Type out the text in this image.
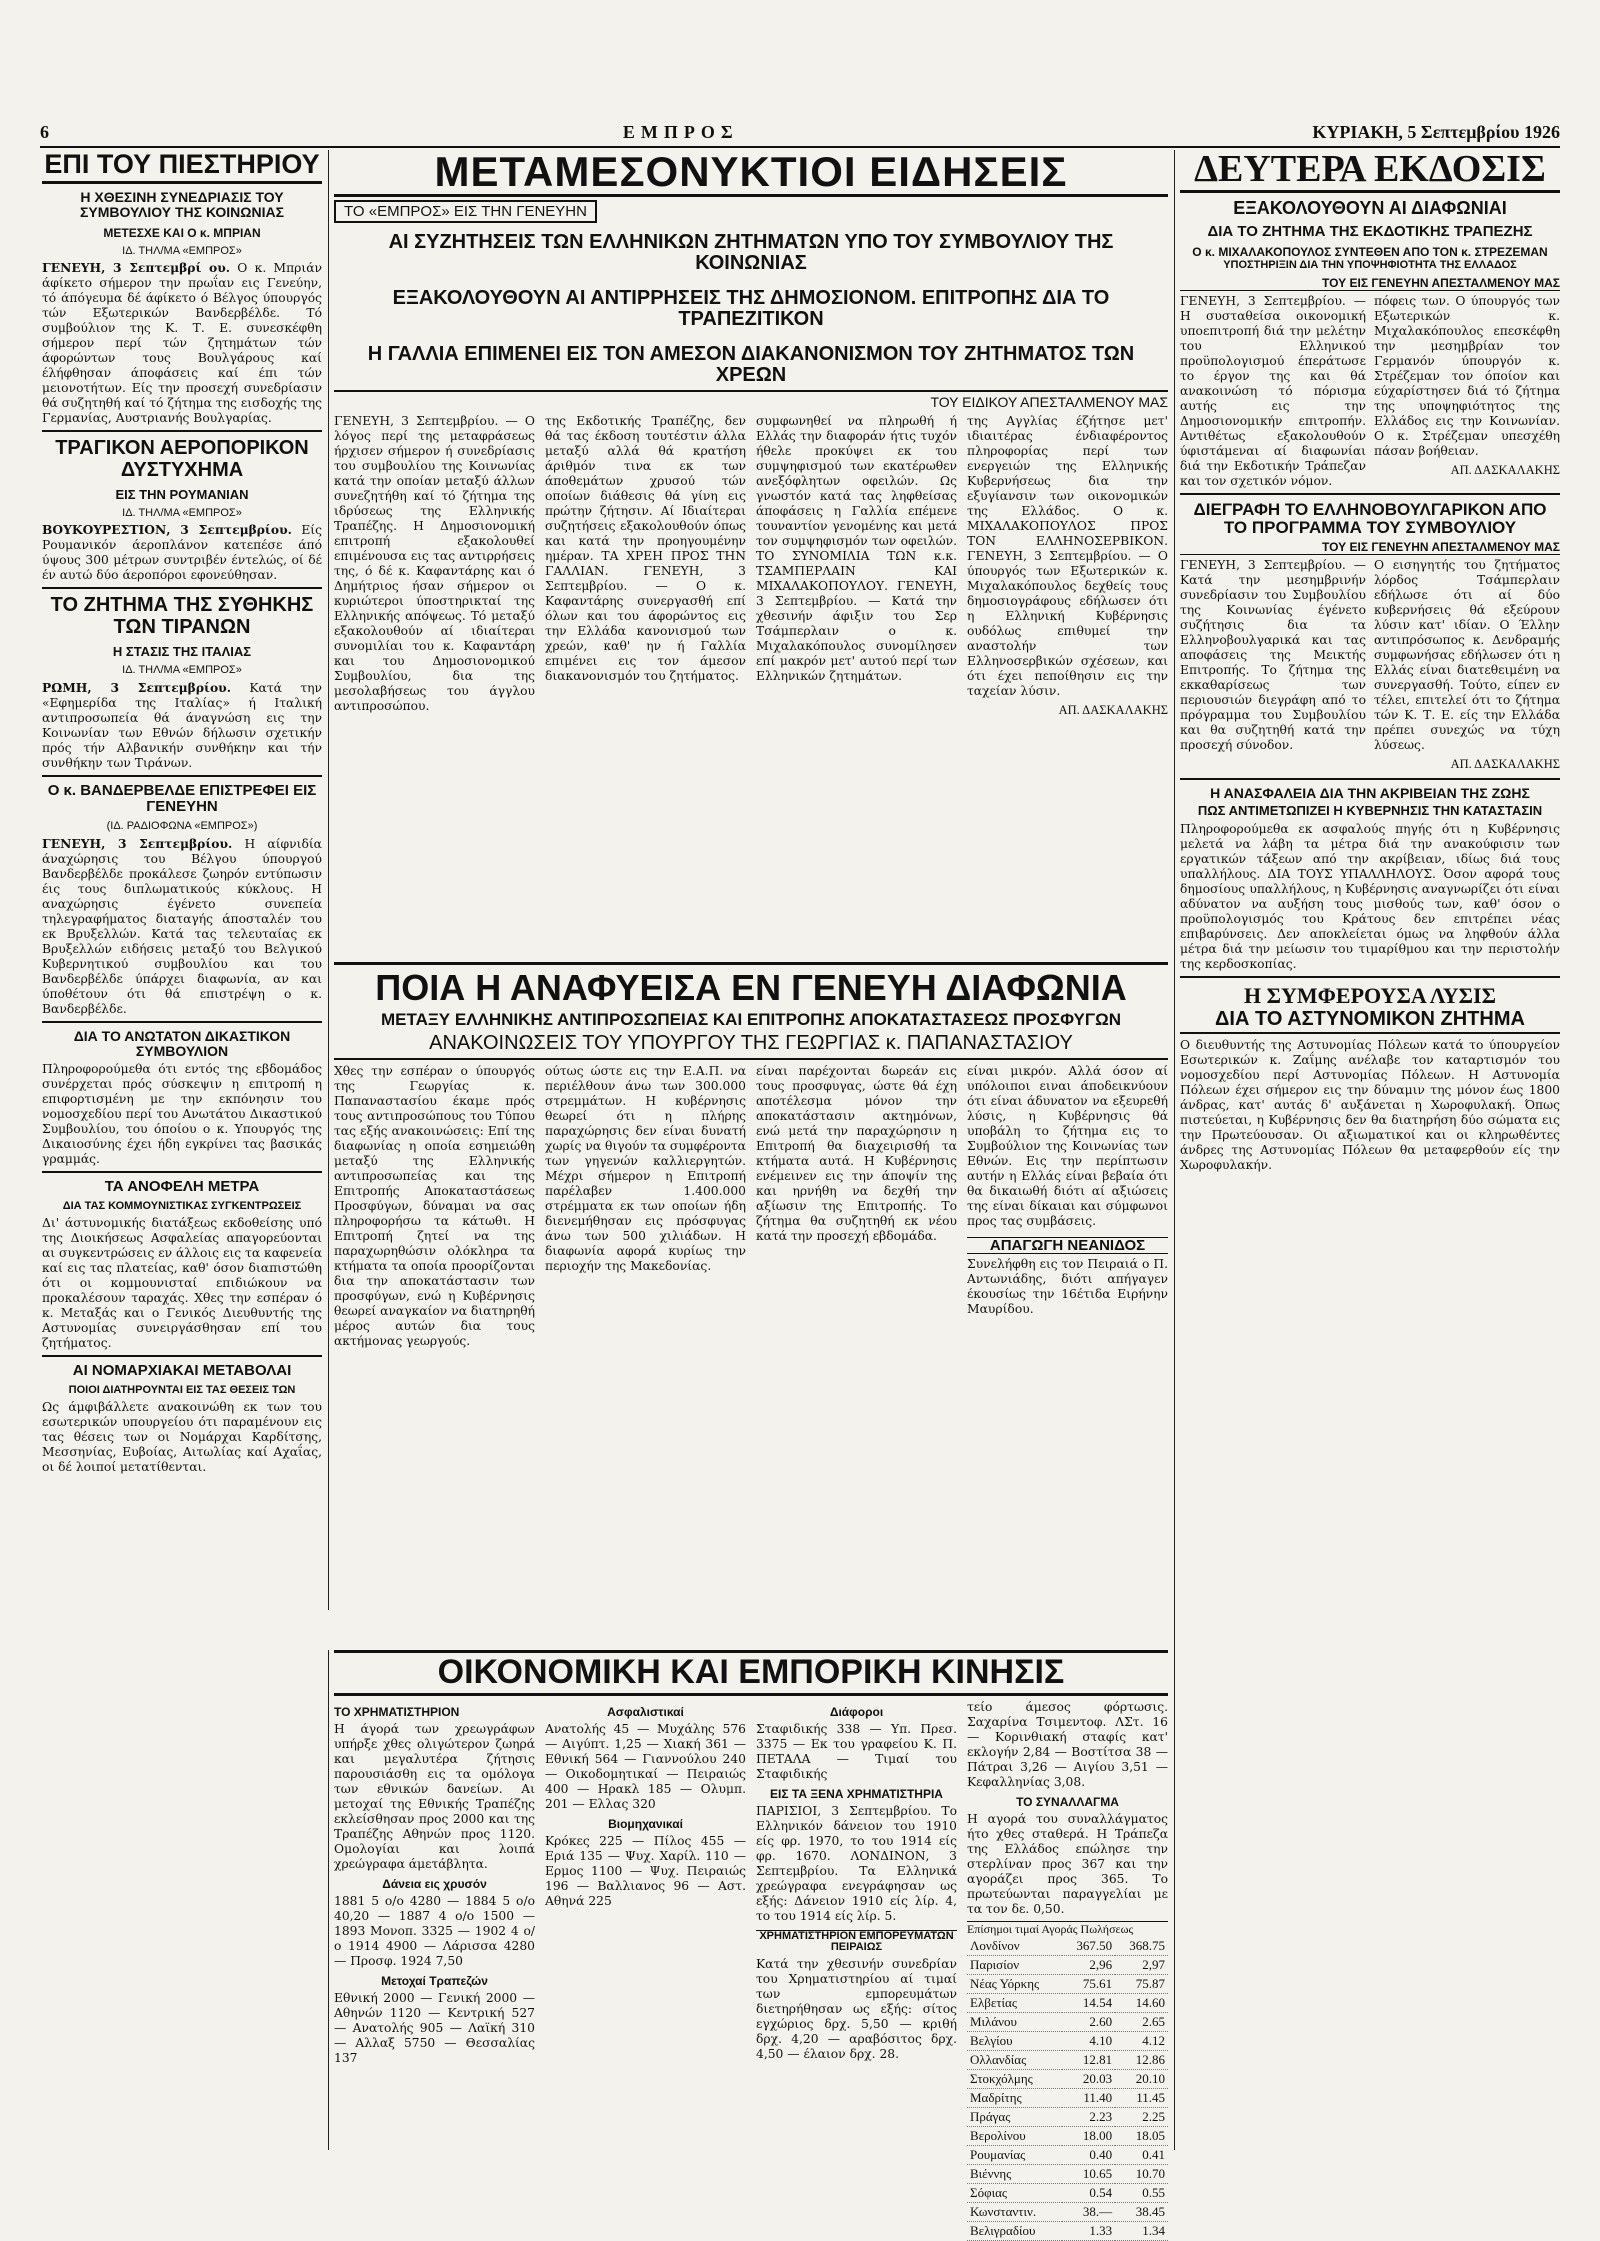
6	ΕΜΠΡΟΣ	ΚΥΡΙΑΚΗ, 5 Σεπτεμβρίου 1926
ΕΠΙ ΤΟΥ ΠΙΕΣΤΗΡΙΟΥ
Η ΧΘΕΣΙΝΗ ΣΥΝΕΔΡΙΑΣΙΣ ΤΟΥ ΣΥΜΒΟΥΛΙΟΥ ΤΗΣ ΚΟΙΝΩΝΙΑΣ
ΜΕΤΕΣΧΕ ΚΑΙ Ο κ. ΜΠΡΙΑΝ
ΙΔ. ΤΗΛ/ΜΑ «ΕΜΠΡΟΣ»

ΓΕΝΕΥΗ, 3 Σεπτεμβρί ου. Ο κ. Μπριάν άφίκετο σήμερον την πρωΐαν εις Γενεύην, τό άπόγευμα δέ άφίκετο ό Βέλγος ύπουργός τών Εξωτερικών Βανδερβέλδε. Τό συμβούλιον της Κ. Τ. Ε. συνεσκέφθη σήμερον περί τών ζητημάτων τών άφορώντων τους Βουλγάρους καί έλήφθησαν άποφάσεις καί έπι τών μειονοτήτων. Είς την προσεχή συνεδρίασιν θά συζητηθή καί τό ζήτημα της εισδοχής της Γερμανίας, Αυστριανής Βουλγαρίας.

ΤΡΑΓΙΚΟΝ ΑΕΡΟΠΟΡΙΚΟΝ ΔΥΣΤΥΧΗΜΑ
ΕΙΣ ΤΗΝ ΡΟΥΜΑΝΙΑΝ
ΙΔ. ΤΗΛ/ΜΑ «ΕΜΠΡΟΣ»

ΒΟΥΚΟΥΡΕΣΤΙΟΝ, 3 Σεπτεμβρίου. Είς Ρουμανικόν άεροπλάνον κατεπέσε άπό ύψους 300 μέτρων συντριβέν έντελώς, οί δέ έν αυτώ δύο άεροπόροι εφονεύθησαν.

ΤΟ ΖΗΤΗΜΑ ΤΗΣ ΣΥΘΗΚΗΣ ΤΩΝ ΤΙΡΑΝΩΝ
Η ΣΤΑΣΙΣ ΤΗΣ ΙΤΑΛΙΑΣ
ΙΔ. ΤΗΛ/ΜΑ «ΕΜΠΡΟΣ»

ΡΩΜΗ, 3 Σεπτεμβρίου. Κατά την «Εφημερίδα της Ιταλίας» ή Ιταλική αντιπροσωπεία θά άναγνώση εις την Κοινωνίαν των Εθνών δήλωσιν σχετικήν πρός τήν Αλβανικήν συνθήκην και τήν συνθήκην των Τιράνων.

Ο κ. ΒΑΝΔΕΡΒΕΛΔΕ ΕΠΙΣΤΡΕΦΕΙ ΕΙΣ ΓΕΝΕΥΗΝ
(ΙΔ. ΡΑΔΙΟΦΩΝΑ «ΕΜΠΡΟΣ»)

ΓΕΝΕΥΗ, 3 Σεπτεμβρίου. Η αίφνιδία άναχώρησις του Βέλγου ύπουργού Βανδερβέλδε προκάλεσε ζωηρόν εντύπωσιν έις τους διπλωματικούς κύκλους. Η αναχώρησις έγένετο συνεπεία τηλεγραφήματος διαταγής άποσταλέν του εκ Βρυξελλών. Κατά τας τελευταίας εκ Βρυξελλών ειδήσεις μεταξύ του Βελγικού Κυβερνητικού συμβουλίου και του Βανδερβέλδε ύπάρχει διαφωνία, αν και ύποθέτουν ότι θά επιστρέψη ο κ. Βανδερβέλδε.

ΔΙΑ ΤΟ ΑΝΩΤΑΤΟΝ ΔΙΚΑΣΤΙΚΟΝ ΣΥΜΒΟΥΛΙΟΝ

Πληροφορούμεθα ότι εντός της εβδομάδος συνέρχεται πρός σύσκεψιν η επιτροπή η επιφορτισμένη με την εκπόνησιν του νομοσχεδίου περί του Ανωτάτου Δικαστικού Συμβουλίου, του όποίου ο κ. Υπουργός της Δικαιοσύνης έχει ήδη εγκρίνει τας βασικάς γραμμάς.

ΤΑ ΑΝΟΦΕΛΗ ΜΕΤΡΑ
ΔΙΑ ΤΑΣ ΚΟΜΜΟΥΝΙΣΤΙΚΑΣ ΣΥΓΚΕΝΤΡΩΣΕΙΣ

Δι' άστυνομικής διατάξεως εκδοθείσης υπό της Διοικήσεως Ασφαλείας απαγορεύονται αι συγκεντρώσεις εν άλλοις εις τα καφενεία καί εις τας πλατείας, καθ' όσον διαπιστώθη ότι οι κομμουνισταί επιδιώκουν να προκαλέσουν ταραχάς. Χθες την εσπέραν ό κ. Μεταξάς και ο Γενικός Διευθυντής της Αστυνομίας συνειργάσθησαν επί του ζητήματος.

ΑΙ ΝΟΜΑΡΧΙΑΚΑΙ ΜΕΤΑΒΟΛΑΙ
ΠΟΙΟΙ ΔΙΑΤΗΡΟΥΝΤΑΙ ΕΙΣ ΤΑΣ ΘΕΣΕΙΣ ΤΩΝ

Ως άμφιβάλλετε ανακοινώθη εκ των του εσωτερικών υπουργείου ότι παραμένουν εις τας θέσεις των οι Νομάρχαι Καρδίτσης, Μεσσηνίας, Ευβοίας, Αιτωλίας καί Αχαΐας, οι δέ λοιποί μετατίθενται.

ΜΕΤΑΜΕΣΟΝΥΚΤΙΟΙ ΕΙΔΗΣΕΙΣ
ΤΟ «ΕΜΠΡΟΣ» ΕΙΣ ΤΗΝ ΓΕΝΕΥΗΝ
ΑΙ ΣΥΖΗΤΗΣΕΙΣ ΤΩΝ ΕΛΛΗΝΙΚΩΝ ΖΗΤΗΜΑΤΩΝ ΥΠΟ ΤΟΥ ΣΥΜΒΟΥΛΙΟΥ ΤΗΣ ΚΟΙΝΩΝΙΑΣ
ΕΞΑΚΟΛΟΥΘΟΥΝ ΑΙ ΑΝΤΙΡΡΗΣΕΙΣ ΤΗΣ ΔΗΜΟΣΙΟΝΟΜ. ΕΠΙΤΡΟΠΗΣ ΔΙΑ ΤΟ ΤΡΑΠΕΖΙΤΙΚΟΝ
Η ΓΑΛΛΙΑ ΕΠΙΜΕΝΕΙ ΕΙΣ ΤΟΝ ΑΜΕΣΟΝ ΔΙΑΚΑΝΟΝΙΣΜΟΝ ΤΟΥ ΖΗΤΗΜΑΤΟΣ ΤΩΝ ΧΡΕΩΝ
ΤΟΥ ΕΙΔΙΚΟΥ ΑΠΕΣΤΑΛΜΕΝΟΥ ΜΑΣ

ΓΕΝΕΥΗ, 3 Σεπτεμβρίου. — Ο λόγος περί της μεταφράσεως ήρχισεν σήμερον ή συνεδρίασις του συμβουλίου της Κοινωνίας κατά την οποίαν μεταξύ άλλων συνεζητήθη καί τό ζήτημα της ιδρύσεως της Ελληνικής Τραπέζης. Η Δημοσιονομική επιτροπή εξακολουθεί επιμένουσα εις τας αντιρρήσεις της, ό δέ κ. Καφαντάρης και ό Δημήτριος ήσαν σήμερον οι κυριώτεροι ύποστηρικταί της Ελληνικής απόψεως. Τό μεταξύ εξακολουθούν αί ιδιαίτεραι συνομιλίαι του κ. Καφαντάρη και του Δημοσιονομικού Συμβουλίου, δια της μεσολαβήσεως του άγγλου αντιπροσώπου.

της Εκδοτικής Τραπέζης, δεν θά τας έκδοση τουτέστιν άλλα μεταξύ αλλά θά κρατήση άριθμόν τινα εκ των άποθεμάτων χρυσού τών οποίων διάθεσις θά γίνη εις πρώτην ζήτησιν. Αί Ιδιαίτεραι συζητήσεις εξακολουθούν όπως και κατά την προηγουμένην ημέραν. ΤΑ ΧΡΕΗ ΠΡΟΣ ΤΗΝ ΓΑΛΛΙΑΝ. ΓΕΝΕΥΗ, 3 Σεπτεμβρίου. — Ο κ. Καφαντάρης συνεργασθή επί όλων και του άφορώντος εις την Ελλάδα κανονισμού των χρεών, καθ' ην ή Γαλλία επιμένει εις τον άμεσον διακανονισμόν του ζητήματος.

συμφωνηθεί να πληρωθή ή Ελλάς την διαφοράν ήτις τυχόν ήθελε προκύψει εκ του συμψηφισμού των εκατέρωθεν ανεξόφλητων οφειλών. Ως γνωστόν κατά τας ληφθείσας άποφάσεις η Γαλλία επέμενε τουναντίον γενομένης και μετά τον συμψηφισμόν των οφειλών. ΤΟ ΣΥΝΟΜΙΛΙΑ ΤΩΝ κ.κ. ΤΣΑΜΠΕΡΛΑΙΝ ΚΑΙ ΜΙΧΑΛΑΚΟΠΟΥΛΟΥ. ΓΕΝΕΥΗ, 3 Σεπτεμβρίου. — Κατά την χθεσινήν άφιξιν του Σερ Τσάμπερλαιν ο κ. Μιχαλακόπουλος συνομίλησεν επί μακρόν μετ' αυτού περί των Ελληνικών ζητημάτων.

της Αγγλίας έζήτησε μετ' ιδιαιτέρας ένδιαφέροντος πληροφορίας περί των ενεργειών της Ελληνικής Κυβερνήσεως δια την εξυγίανσιν των οικονομικών της Ελλάδος. Ο κ. ΜΙΧΑΛΑΚΟΠΟΥΛΟΣ ΠΡΟΣ ΤΟΝ ΕΛΛΗΝΟΣΕΡΒΙΚΟΝ. ΓΕΝΕΥΗ, 3 Σεπτεμβρίου. — Ο ύπουργός των Εξωτερικών κ. Μιχαλακόπουλος δεχθείς τους δημοσιογράφους εδήλωσεν ότι η Ελληνική Κυβέρνησις ουδόλως επιθυμεί την αναστολήν των Ελληνοσερβικών σχέσεων, και ότι έχει πεποίθησιν εις την ταχείαν λύσιν.

ΑΠ. ΔΑΣΚΑΛΑΚΗΣ
ΠΟΙΑ Η ΑΝΑΦΥΕΙΣΑ ΕΝ ΓΕΝΕΥΗ ΔΙΑΦΩΝΙΑ
ΜΕΤΑΞΥ ΕΛΛΗΝΙΚΗΣ ΑΝΤΙΠΡΟΣΩΠΕΙΑΣ ΚΑΙ ΕΠΙΤΡΟΠΗΣ ΑΠΟΚΑΤΑΣΤΑΣΕΩΣ ΠΡΟΣΦΥΓΩΝ
ΑΝΑΚΟΙΝΩΣΕΙΣ ΤΟΥ ΥΠΟΥΡΓΟΥ ΤΗΣ ΓΕΩΡΓΙΑΣ κ. ΠΑΠΑΝΑΣΤΑΣΙΟΥ

Χθες την εσπέραν ο ύπουργός της Γεωργίας κ. Παπαναστασίου έκαμε πρός τους αντιπροσώπους του Τύπου τας εξής ανακοινώσεις: Επί της διαφωνίας η οποία εσημειώθη μεταξύ της Ελληνικής αντιπροσωπείας και της Επιτροπής Αποκαταστάσεως Προσφύγων, δύναμαι να σας πληροφορήσω τα κάτωθι. Η Επιτροπή ζητεί να της παραχωρηθώσιν ολόκληρα τα κτήματα τα οποία προορίζονται δια την αποκατάστασιν των προσφύγων, ενώ η Κυβέρνησις θεωρεί αναγκαίον να διατηρηθή μέρος αυτών δια τους ακτήμονας γεωργούς.

ούτως ώστε εις την Ε.Α.Π. να περιέλθουν άνω των 300.000 στρεμμάτων. Η κυβέρνησις θεωρεί ότι η πλήρης παραχώρησις δεν είναι δυνατή χωρίς να θιγούν τα συμφέροντα των γηγενών καλλιεργητών. Μέχρι σήμερον η Επιτροπή παρέλαβεν 1.400.000 στρέμματα εκ των οποίων ήδη διενεμήθησαν εις πρόσφυγας άνω των 500 χιλιάδων. Η διαφωνία αφορά κυρίως την περιοχήν της Μακεδονίας.

είναι παρέχονται δωρεάν εις τους προσφυγας, ώστε θά έχη αποτέλεσμα μόνον την αποκατάστασιν ακτημόνων, ενώ μετά την παραχώρησιν η Επιτροπή θα διαχειρισθή τα κτήματα αυτά. Η Κυβέρνησις ενέμεινεν εις την άποψίν της και ηρνήθη να δεχθή την αξίωσιν της Επιτροπής. Το ζήτημα θα συζητηθή εκ νέου κατά την προσεχή εβδομάδα.

είναι μικρόν. Αλλά όσον αί υπόλοιποι ειναι άποδεικνύουν ότι είναι άδυνατον να εξευρεθή λύσις, η Κυβέρνησις θά υποβάλη το ζήτημα εις το Συμβούλιον της Κοινωνίας των Εθνών. Εις την περίπτωσιν αυτήν η Ελλάς είναι βεβαία ότι θα δικαιωθή διότι αί αξιώσεις της είναι δίκαιαι και σύμφωνοι προς τας συμβάσεις.

ΑΠΑΓΩΓΗ ΝΕΑΝΙΔΟΣ

Συνελήφθη εις τον Πειραιά ο Π. Αντωνιάδης, διότι απήγαγεν έκουσίως την 16έτιδα Ειρήνην Μαυρίδου.

ΟΙΚΟΝΟΜΙΚΗ ΚΑΙ ΕΜΠΟΡΙΚΗ ΚΙΝΗΣΙΣ
ΤΟ ΧΡΗΜΑΤΙΣΤΗΡΙΟΝ

Η άγορά των χρεωγράφων υπήρξε χθες ολιγώτερον ζωηρά και μεγαλυτέρα ζήτησις παρουσιάσθη εις τα ομόλογα των εθνικών δανείων. Αι μετοχαί της Εθνικής Τραπέζης εκλείσθησαν προς 2000 και της Τραπέζης Αθηνών προς 1120. Ομολογίαι και λοιπά χρεώγραφα άμετάβλητα.

Δάνεια εις χρυσόν

1881 5 ο/ο 4280 — 1884 5 ο/ο 40,20 — 1887 4 ο/ο 1500 — 1893 Μονοπ. 3325 — 1902 4 ο/ο 1914 4900 — Λάρισσα 4280 — Προσφ. 1924 7,50

Μετοχαί Τραπεζών

Εθνική 2000 — Γενική 2000 — Αθηνών 1120 — Κεντρική 527 — Ανατολής 905 — Λαϊκή 310 — Αλλαξ 5750 — Θεσσαλίας 137

Ασφαλιστικαί

Ανατολής 45 — Μυχάλης 576 — Αιγύπτ. 1,25 — Χιακή 361 — Εθνική 564 — Γιαννούλου 240 — Οικοδομητικαί — Πειραιώς 400 — Ηρακλ 185 — Ολυμπ. 201 — Ελλας 320

Βιομηχανικαί

Κρόκες 225 — Πίλος 455 — Εριά 135 — Ψυχ. Χαρίλ. 110 — Ερμος 1100 — Ψυχ. Πειραιώς 196 — Βαλλιανος 96 — Αστ. Αθηνά 225

Διάφοροι

Σταφιδικής 338 — Υπ. Πρεσ. 3375 — Εκ του γραφείου Κ. Π. ΠΕΤΑΛΑ — Τιμαί του Σταφιδικής

ΕΙΣ ΤΑ ΞΕΝΑ ΧΡΗΜΑΤΙΣΤΗΡΙΑ

ΠΑΡΙΣΙΟΙ, 3 Σεπτεμβρίου. Το Ελληνικόν δάνειον του 1910 είς φρ. 1970, το του 1914 είς φρ. 1670. ΛΟΝΔΙΝΟΝ, 3 Σεπτεμβρίου. Τα Ελληνικά χρεώγραφα ενεγράφησαν ως εξής: Δάνειον 1910 είς λίρ. 4, το του 1914 είς λίρ. 5.

ΧΡΗΜΑΤΙΣΤΗΡΙΟΝ ΕΜΠΟΡΕΥΜΑΤΩΝ ΠΕΙΡΑΙΩΣ

Κατά την χθεσινήν συνεδρίαν του Χρηματιστηρίου αί τιμαί των εμπορευμάτων διετηρήθησαν ως εξής: σίτος εγχώριος δρχ. 5,50 — κριθή δρχ. 4,20 — αραβόσιτος δρχ. 4,50 — έλαιον δρχ. 28.

τείο άμεσος φόρτωσις. Σαχαρίνα Τσιμεντοφ. ΛΣτ. 16 — Κορινθιακή σταφίς κατ' εκλογήν 2,84 — Βοστίτσα 38 — Πάτραι 3,26 — Αιγίου 3,51 — Κεφαλληνίας 3,08.

ΤΟ ΣΥΝΑΛΛΑΓΜΑ

Η αγορά του συναλλάγματος ήτο χθες σταθερά. Η Τράπεζα της Ελλάδος επώλησε την στερλίναν προς 367 και την αγοράζει προς 365. Το πρωτεύωνται παραγγελίαι με τα τον δε. 0,50.

Επίσημοι τιμαί Αγοράς Πωλήσεως
Λονδίνον	367.50	368.75
Παρισίον	2,96	2,97
Νέας Υόρκης	75.61	75.87
Ελβετίας	14.54	14.60
Μιλάνου	2.60	2.65
Βελγίου	4.10	4.12
Ολλανδίας	12.81	12.86
Στοκχόλμης	20.03	20.10
Μαδρίτης	11.40	11.45
Πράγας	2.23	2.25
Βερολίνου	18.00	18.05
Ρουμανίας	0.40	0.41
Βιέννης	10.65	10.70
Σόφιας	0.54	0.55
Κωνσταντιν.	38.—	38.45
Βελιγραδίου	1.33	1.34
ΔΕΥΤΕΡΑ ΕΚΔΟΣΙΣ
ΕΞΑΚΟΛΟΥΘΟΥΝ ΑΙ ΔΙΑΦΩΝΙΑΙ
ΔΙΑ ΤΟ ΖΗΤΗΜΑ ΤΗΣ ΕΚΔΟΤΙΚΗΣ ΤΡΑΠΕΖΗΣ
Ο κ. ΜΙΧΑΛΑΚΟΠΟΥΛΟΣ ΣΥΝΤΕΘΕΝ ΑΠΟ ΤΟΝ κ. ΣΤΡΕΖΕΜΑΝ
ΥΠΟΣΤΗΡΙΞΙΝ ΔΙΑ ΤΗΝ ΥΠΟΨΗΦΙΟΤΗΤΑ ΤΗΣ ΕΛΛΑΔΟΣ
ΤΟΥ ΕΙΣ ΓΕΝΕΥΗΝ ΑΠΕΣΤΑΛΜΕΝΟΥ ΜΑΣ

ΓΕΝΕΥΗ, 3 Σεπτεμβρίου. — Η συσταθείσα οικονομική υποεπιτροπή διά την μελέτην του Ελληνικού προϋπολογισμού έπεράτωσε το έργον της και θά ανακοινώση τό πόρισμα αυτής εις την Δημοσιονομικήν επιτροπήν. Αντιθέτως εξακολουθούν ύφιστάμεναι αί διαφωνίαι διά την Εκδοτικήν Τράπεζαν και τον σχετικόν νόμον.

πόφεις των. Ο ύπουργός των Εξωτερικών κ. Μιχαλακόπουλος επεσκέφθη την μεσημβρίαν τον Γερμανόν ύπουργόν κ. Στρέζεμαν τον όποίον και εύχαρίστησεν διά τό ζήτημα της υποψηφιότητος της Ελλάδος εις την Κοινωνίαν. Ο κ. Στρέζεμαν υπεσχέθη πάσαν βοήθειαν.

ΑΠ. ΔΑΣΚΑΛΑΚΗΣ
ΔΙΕΓΡΑΦΗ ΤΟ ΕΛΛΗΝΟΒΟΥΛΓΑΡΙΚΟΝ ΑΠΟ ΤΟ ΠΡΟΓΡΑΜΜΑ ΤΟΥ ΣΥΜΒΟΥΛΙΟΥ
ΤΟΥ ΕΙΣ ΓΕΝΕΥΗΝ ΑΠΕΣΤΑΛΜΕΝΟΥ ΜΑΣ

ΓΕΝΕΥΗ, 3 Σεπτεμβρίου. — Κατά την μεσημβρινήν συνεδρίασιν του Συμβουλίου της Κοινωνίας έγένετο συζήτησις δια τα Ελληνοβουλγαρικά και τας αποφάσεις της Μεικτής Επιτροπής. Το ζήτημα της εκκαθαρίσεως των περιουσιών διεγράφη από το πρόγραμμα του Συμβουλίου και θα συζητηθή κατά την προσεχή σύνοδον.

Ο εισηγητής του ζητήματος λόρδος Τσάμπερλαιν εδήλωσε ότι αί δύο κυβερνήσεις θά εξεύρουν λύσιν κατ' ιδίαν. Ο Έλλην αντιπρόσωπος κ. Δενδραμής συμφωνήσας εδήλωσεν ότι η Ελλάς είναι διατεθειμένη να συνεργασθή. Τούτο, είπεν εν τέλει, επιτελεί ότι το ζήτημα τών Κ. Τ. Ε. είς την Ελλάδα πρέπει συνεχώς να τύχη λύσεως.

ΑΠ. ΔΑΣΚΑΛΑΚΗΣ
Η ΑΝΑΣΦΑΛΕΙΑ ΔΙΑ ΤΗΝ ΑΚΡΙΒΕΙΑΝ ΤΗΣ ΖΩΗΣ
ΠΩΣ ΑΝΤΙΜΕΤΩΠΙΖΕΙ Η ΚΥΒΕΡΝΗΣΙΣ ΤΗΝ ΚΑΤΑΣΤΑΣΙΝ

Πληροφορούμεθα εκ ασφαλούς πηγής ότι η Κυβέρνησις μελετά να λάβη τα μέτρα διά την ανακούφισιν των εργατικών τάξεων από την ακρίβειαν, ιδίως διά τους υπαλλήλους. ΔΙΑ ΤΟΥΣ ΥΠΑΛΛΗΛΟΥΣ. Όσον αφορά τους δημοσίους υπαλλήλους, η Κυβέρνησις αναγνωρίζει ότι είναι αδύνατον να αυξήση τους μισθούς των, καθ' όσον ο προϋπολογισμός του Κράτους δεν επιτρέπει νέας επιβαρύνσεις. Δεν αποκλείεται όμως να ληφθούν άλλα μέτρα διά την μείωσιν του τιμαρίθμου και την περιστολήν της κερδοσκοπίας.

Η ΣΥΜΦΕΡΟΥΣΑ ΛΥΣΙΣ
ΔΙΑ ΤΟ ΑΣΤΥΝΟΜΙΚΟΝ ΖΗΤΗΜΑ

Ο διευθυντής της Αστυνομίας Πόλεων κατά το ύπουργείον Εσωτερικών κ. Ζαΐμης ανέλαβε τον καταρτισμόν του νομοσχεδίου περί Αστυνομίας Πόλεων. Η Αστυνομία Πόλεων έχει σήμερον εις την δύναμιν της μόνον έως 1800 άνδρας, κατ' αυτάς δ' αυξάνεται η Χωροφυλακή. Όπως πιστεύεται, η Κυβέρνησις δεν θα διατηρήση δύο σώματα εις την Πρωτεύουσαν. Οι αξιωματικοί και οι κληρωθέντες άνδρες της Αστυνομίας Πόλεων θα μεταφερθούν είς την Χωροφυλακήν.
